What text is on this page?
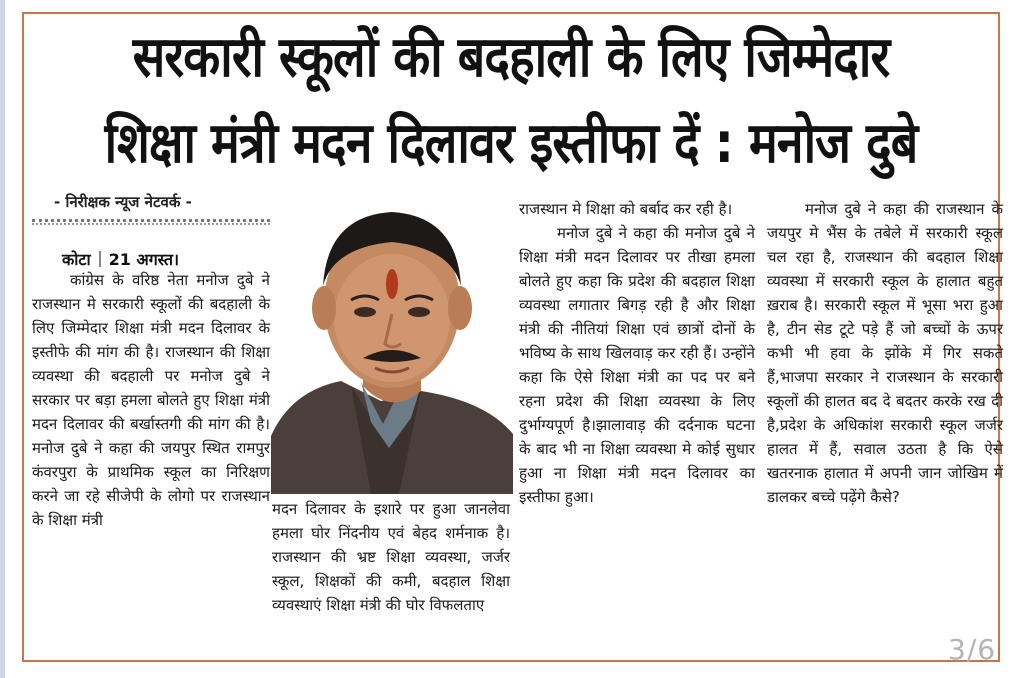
सरकारी स्कूलों की बदहाली के लिए जिम्मेदार
शिक्षा मंत्री मदन दिलावर इस्तीफा दें : मनोज दुबे
- निरीक्षक न्यूज नेटवर्क -
कोटा 21 अगस्त।

कांग्रेस के वरिष्ठ नेता मनोज दुबे ने राजस्थान मे सरकारी स्कूलों की बदहाली के लिए जिम्मेदार शिक्षा मंत्री मदन दिलावर के इस्तीफे की मांग की है। राजस्थान की शिक्षा व्यवस्था की बदहाली पर मनोज दुबे ने सरकार पर बड़ा हमला बोलते हुए शिक्षा मंत्री मदन दिलावर की बर्खास्तगी की मांग की है। मनोज दुबे ने कहा की जयपुर स्थित रामपुर कंवरपुरा के प्राथमिक स्कूल का निरिक्षण करने जा रहे सीजेपी के लोगो पर राजस्थान के शिक्षा मंत्री

मदन दिलावर के इशारे पर हुआ जानलेवा हमला घोर निंदनीय एवं बेहद शर्मनाक है। राजस्थान की भ्रष्ट शिक्षा व्यवस्था, जर्जर स्कूल, शिक्षकों की कमी, बदहाल शिक्षा व्यवस्थाएं शिक्षा मंत्री की घोर विफलताए

राजस्थान मे शिक्षा को बर्बाद कर रही है।

मनोज दुबे ने कहा की मनोज दुबे ने शिक्षा मंत्री मदन दिलावर पर तीखा हमला बोलते हुए कहा कि प्रदेश की बदहाल शिक्षा व्यवस्था लगातार बिगड़ रही है और शिक्षा मंत्री की नीतियां शिक्षा एवं छात्रों दोनों के भविष्य के साथ खिलवाड़ कर रही हैं। उन्होंने कहा कि ऐसे शिक्षा मंत्री का पद पर बने रहना प्रदेश की शिक्षा व्यवस्था के लिए दुर्भाग्यपूर्ण है।झालावाड़ की दर्दनाक घटना के बाद भी ना शिक्षा व्यवस्था मे कोई सुधार हुआ ना शिक्षा मंत्री मदन दिलावर का इस्तीफा हुआ।

मनोज दुबे ने कहा की राजस्थान के जयपुर मे भैंस के तबेले में सरकारी स्कूल चल रहा है, राजस्थान की बदहाल शिक्षा व्यवस्था में सरकारी स्कूल के हालात बहुत ख़राब है। सरकारी स्कूल में भूसा भरा हुआ है, टीन सेड टूटे पड़े हैं जो बच्चों के ऊपर कभी भी हवा के झोंके में गिर सकते हैं,भाजपा सरकार ने राजस्थान के सरकारी स्कूलों की हालत बद दे बदतर करके रख दी है,प्रदेश के अधिकांश सरकारी स्कूल जर्जर हालत में हैं, सवाल उठता है कि ऐसे खतरनाक हालात में अपनी जान जोखिम में डालकर बच्चे पढ़ेंगे कैसे?

3/6
